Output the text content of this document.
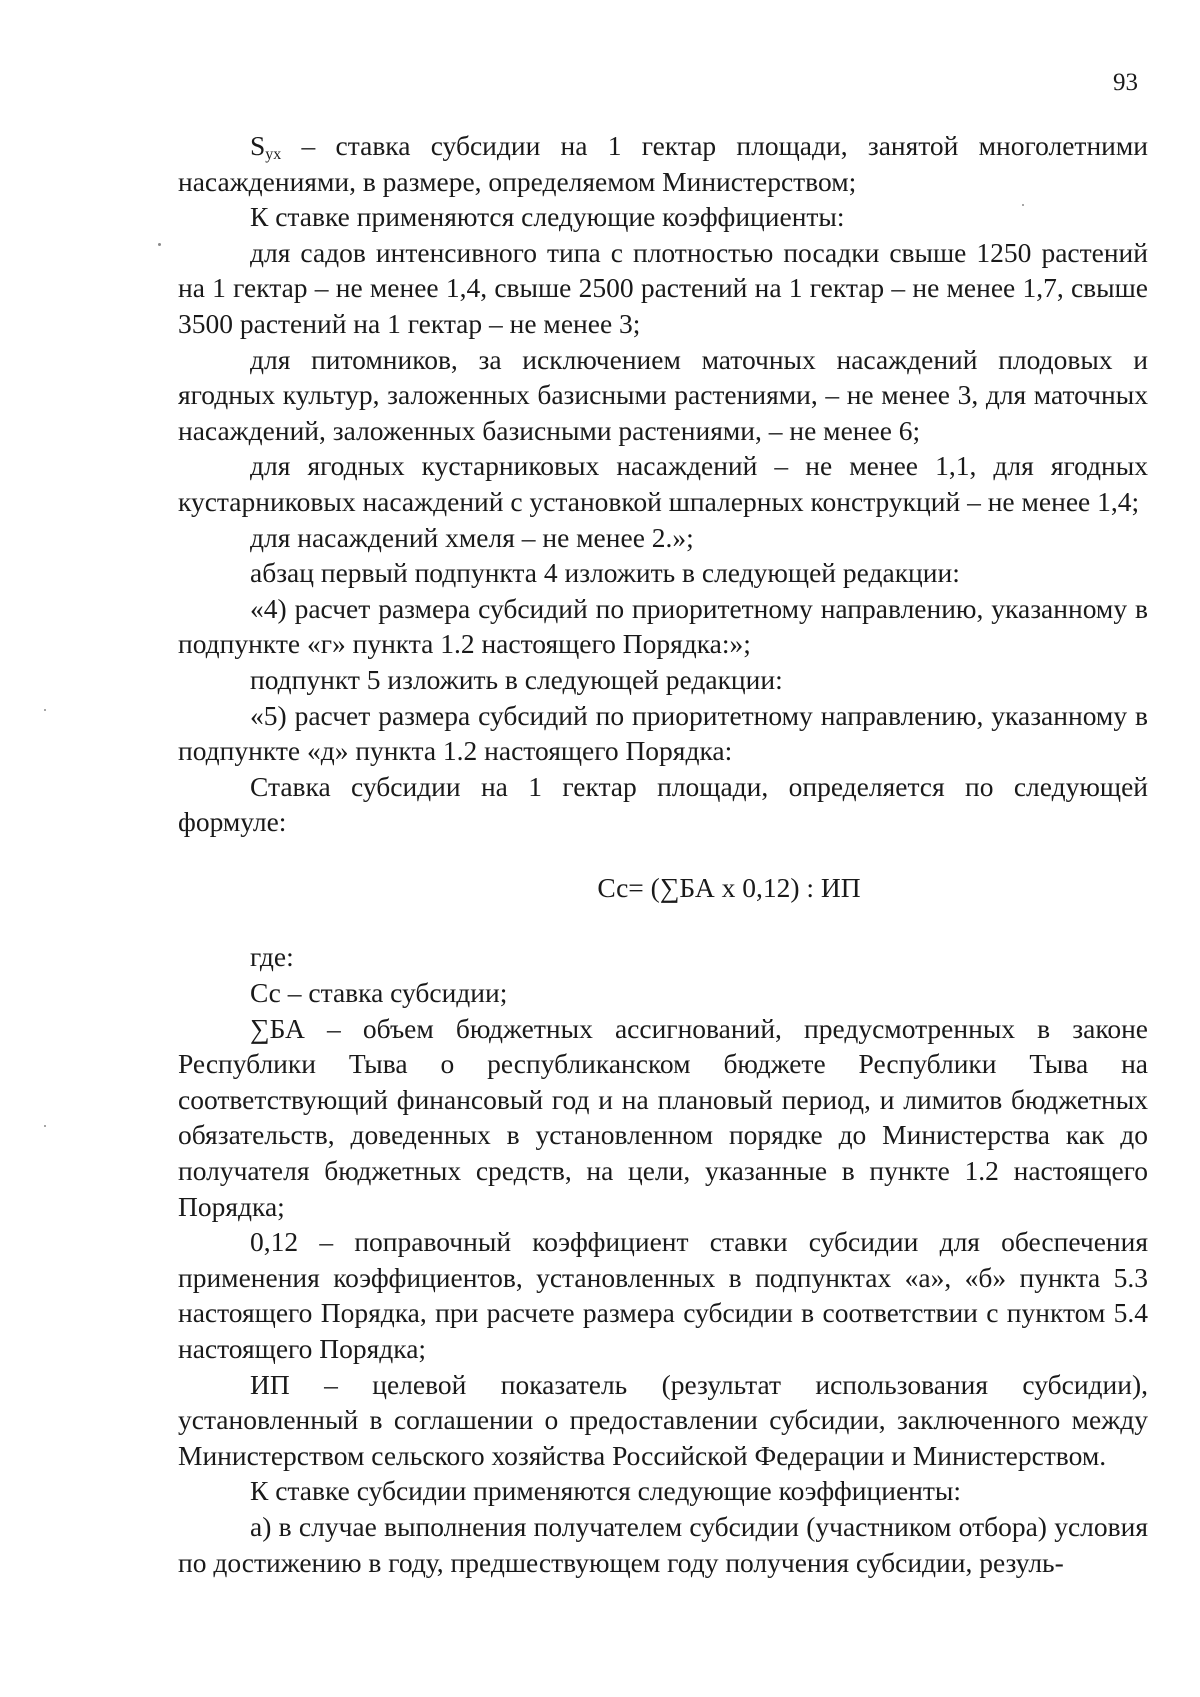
93

$S_{ух}$ – ставка субсидии на 1 гектар площади, занятой многолетними насаждениями, в размере, определяемом Министерством;

К ставке применяются следующие коэффициенты:

для садов интенсивного типа с плотностью посадки свыше 1250 растений на 1 гектар – не менее 1,4, свыше 2500 растений на 1 гектар – не менее 1,7, свыше 3500 растений на 1 гектар – не менее 3;

для питомников, за исключением маточных насаждений плодовых и ягодных культур, заложенных базисными растениями, – не менее 3, для маточных насаждений, заложенных базисными растениями, – не менее 6;

для ягодных кустарниковых насаждений – не менее 1,1, для ягодных кустарниковых насаждений с установкой шпалерных конструкций – не менее 1,4;

для насаждений хмеля – не менее 2.»;

абзац первый подпункта 4 изложить в следующей редакции:

«4) расчет размера субсидий по приоритетному направлению, указанному в подпункте «г» пункта 1.2 настоящего Порядка:»;

подпункт 5 изложить в следующей редакции:

«5) расчет размера субсидий по приоритетному направлению, указанному в подпункте «д» пункта 1.2 настоящего Порядка:

Ставка субсидии на 1 гектар площади, определяется по следующей формуле:

Сс= (∑БА х 0,12) : ИП

где:

Сс – ставка субсидии;

∑БА – объем бюджетных ассигнований, предусмотренных в законе Республики Тыва о республиканском бюджете Республики Тыва на соответствующий финансовый год и на плановый период, и лимитов бюджетных обязательств, доведенных в установленном порядке до Министерства как до получателя бюджетных средств, на цели, указанные в пункте 1.2 настоящего Порядка;

0,12 – поправочный коэффициент ставки субсидии для обеспечения применения коэффициентов, установленных в подпунктах «а», «б» пункта 5.3 настоящего Порядка, при расчете размера субсидии в соответствии с пунктом 5.4 настоящего Порядка;

ИП – целевой показатель (результат использования субсидии), установленный в соглашении о предоставлении субсидии, заключенного между Министерством сельского хозяйства Российской Федерации и Министерством.

К ставке субсидии применяются следующие коэффициенты:

а) в случае выполнения получателем субсидии (участником отбора) условия по достижению в году, предшествующем году получения субсидии, резуль-
